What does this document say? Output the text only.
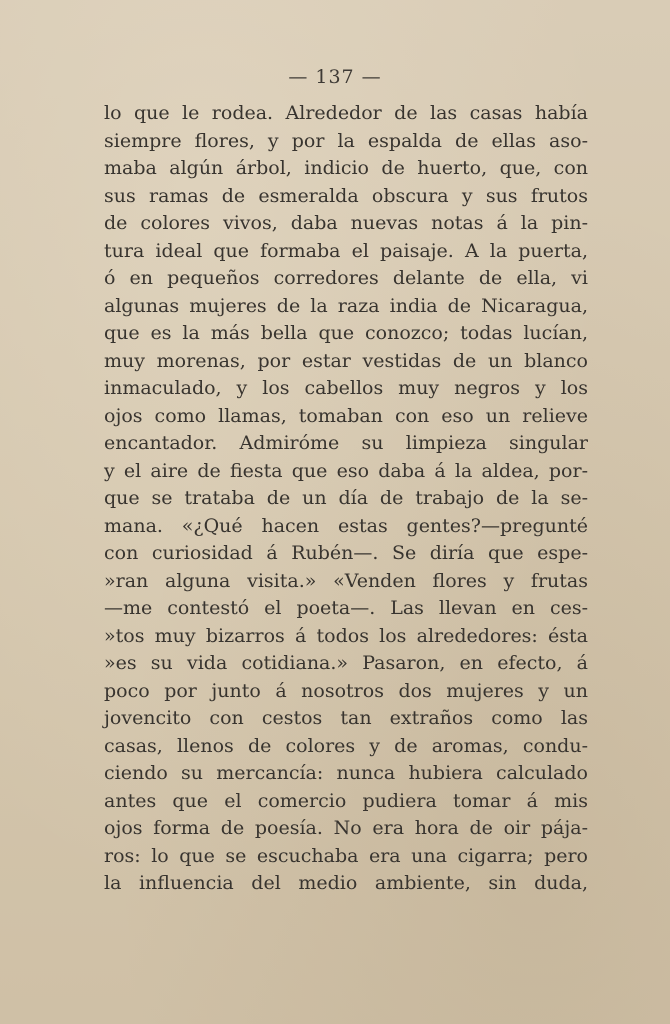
— 137 —
lo que le rodea. Alrededor de las casas había
siempre flores, y por la espalda de ellas aso-
maba algún árbol, indicio de huerto, que, con
sus ramas de esmeralda obscura y sus frutos
de colores vivos, daba nuevas notas á la pin-
tura ideal que formaba el paisaje. A la puerta,
ó en pequeños corredores delante de ella, vi
algunas mujeres de la raza india de Nicaragua,
que es la más bella que conozco; todas lucían,
muy morenas, por estar vestidas de un blanco
inmaculado, y los cabellos muy negros y los
ojos como llamas, tomaban con eso un relieve
encantador. Admiróme su limpieza singular
y el aire de fiesta que eso daba á la aldea, por-
que se trataba de un día de trabajo de la se-
mana. «¿Qué hacen estas gentes?—pregunté
con curiosidad á Rubén—. Se diría que espe-
»ran alguna visita.» «Venden flores y frutas
—me contestó el poeta—. Las llevan en ces-
»tos muy bizarros á todos los alrededores: ésta
»es su vida cotidiana.» Pasaron, en efecto, á
poco por junto á nosotros dos mujeres y un
jovencito con cestos tan extraños como las
casas, llenos de colores y de aromas, condu-
ciendo su mercancía: nunca hubiera calculado
antes que el comercio pudiera tomar á mis
ojos forma de poesía. No era hora de oir pája-
ros: lo que se escuchaba era una cigarra; pero
la influencia del medio ambiente, sin duda,
